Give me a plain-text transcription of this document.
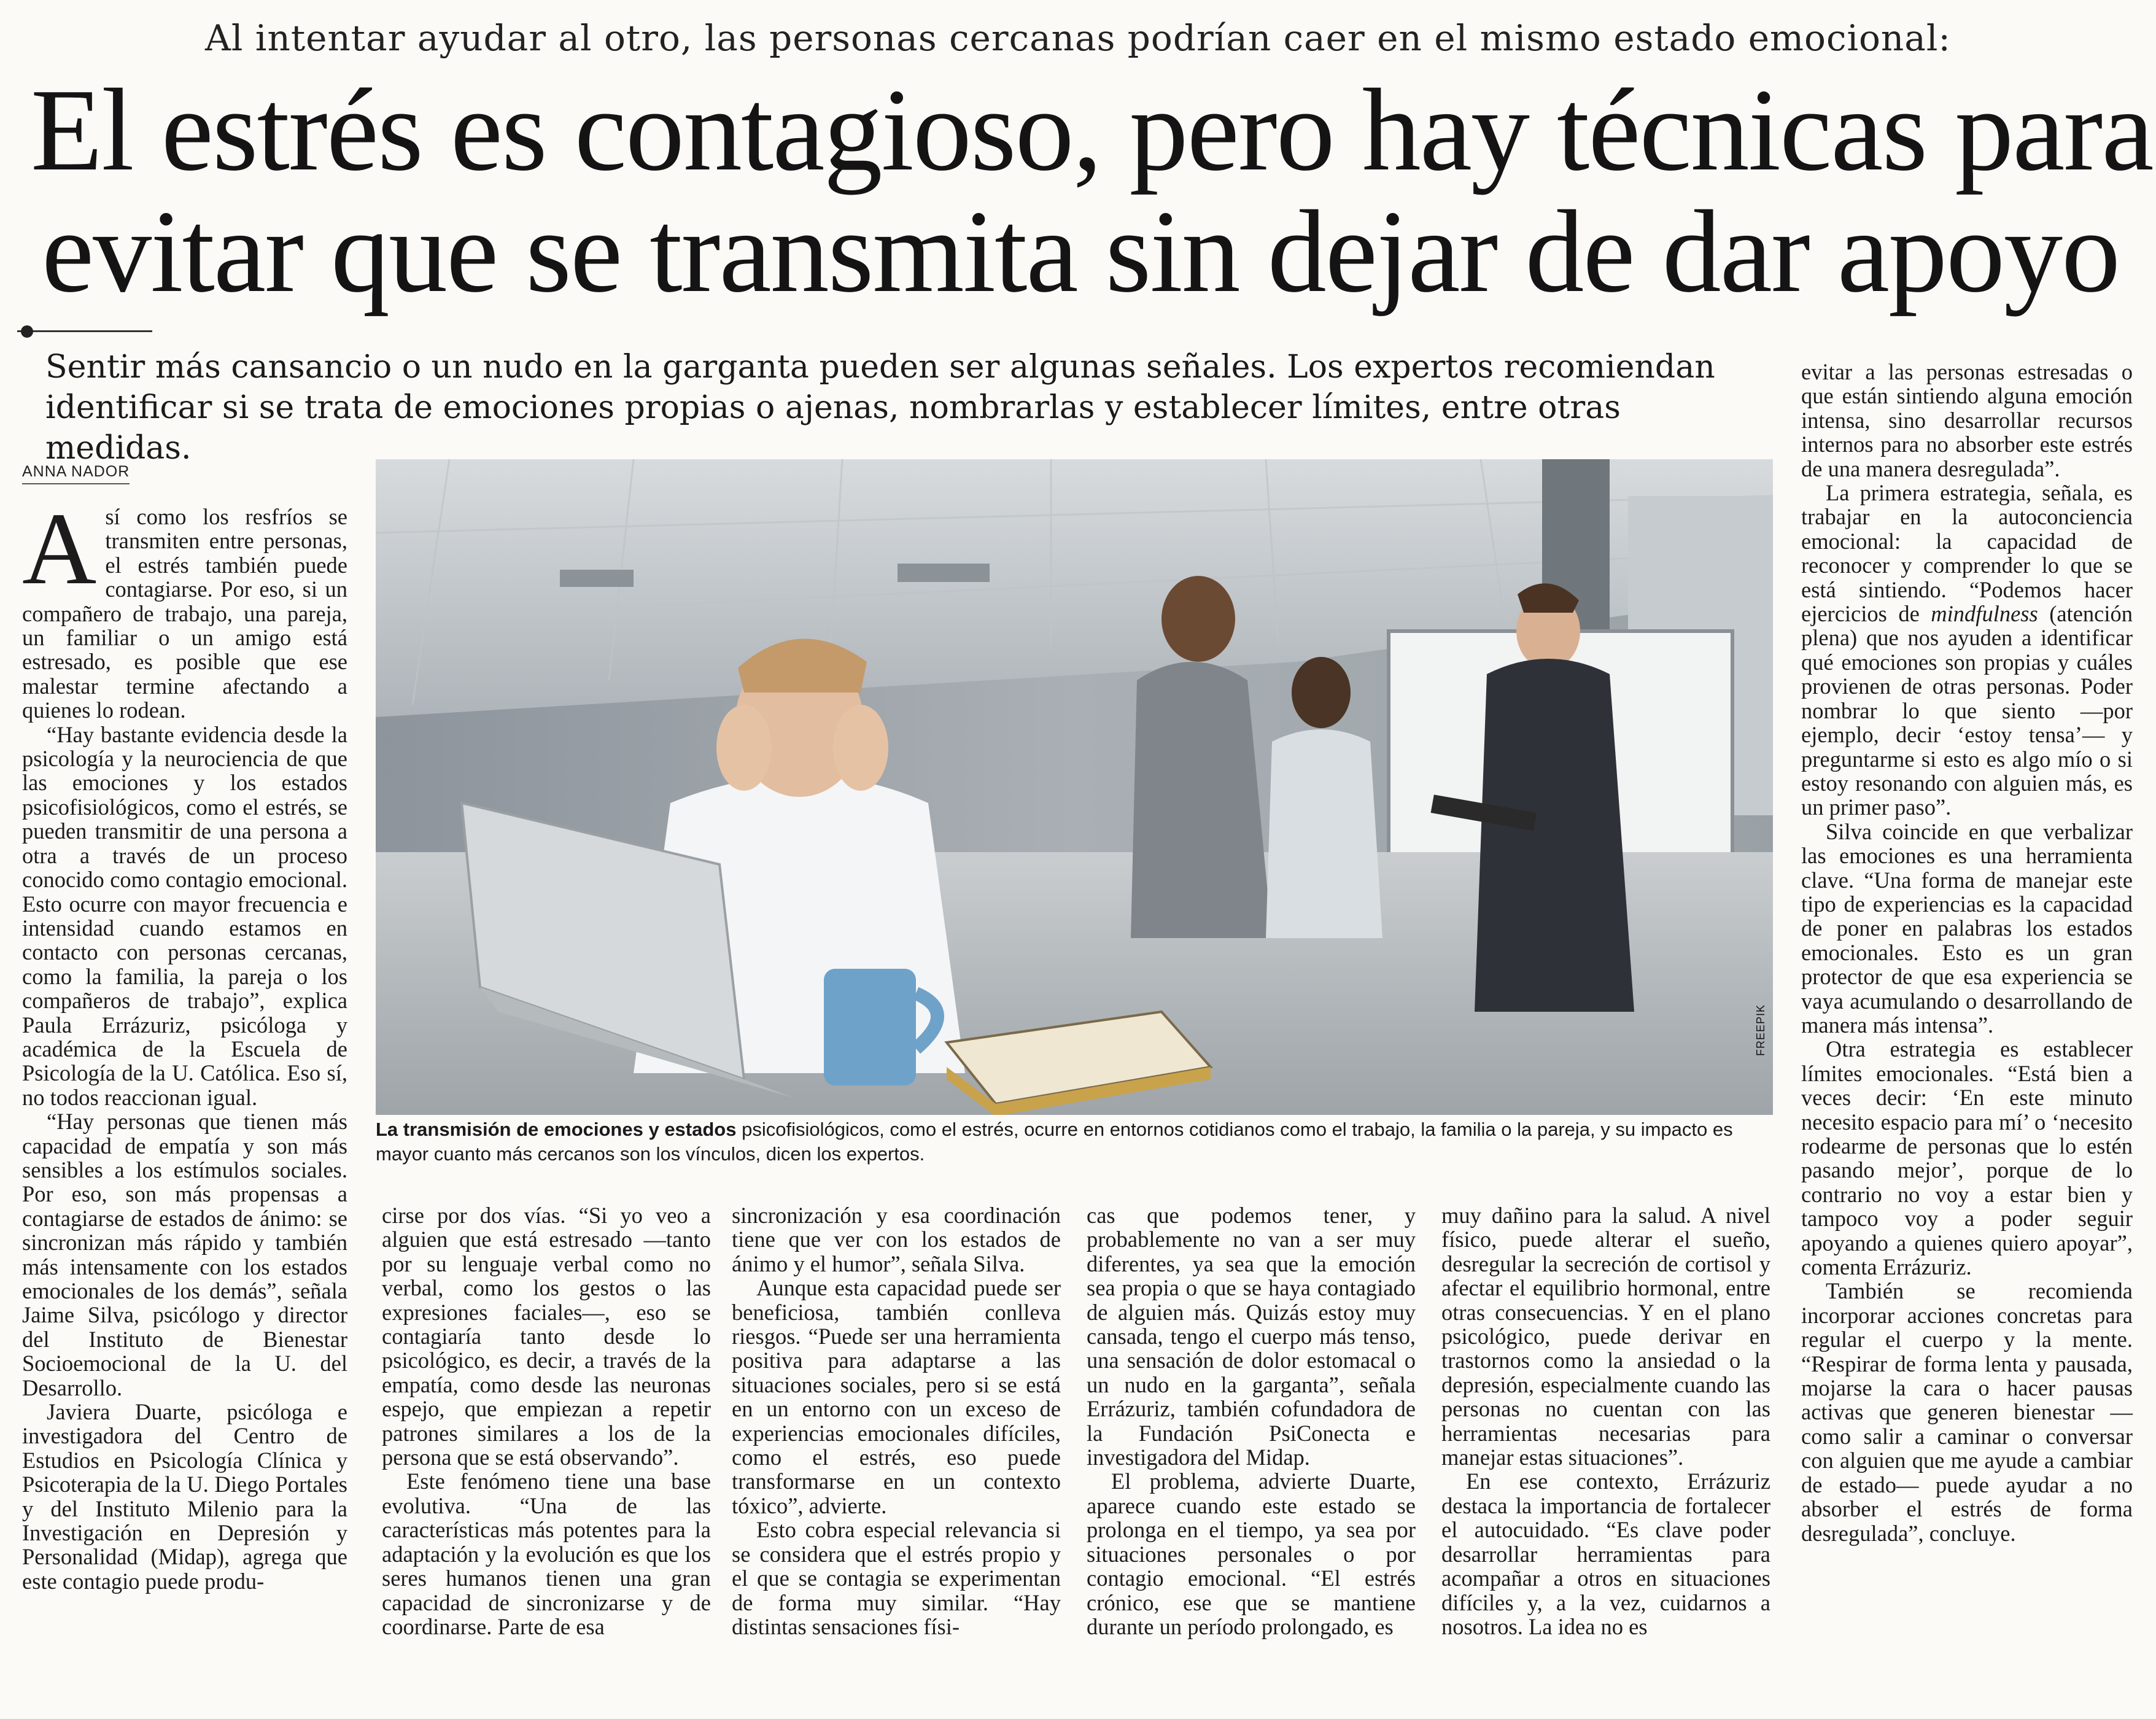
Al intentar ayudar al otro, las personas cercanas podrían caer en el mismo estado emocional:
El estrés es contagioso, pero hay técnicas para
evitar que se transmita sin dejar de dar apoyo
Sentir más cansancio o un nudo en la garganta pueden ser algunas señales. Los expertos recomiendan identificar si se trata de emociones propias o ajenas, nombrarlas y establecer límites, entre otras medidas.
ANNA NADOR

Así como los resfríos se transmiten entre personas, el estrés también puede contagiarse. Por eso, si un compañero de trabajo, una pareja, un familiar o un amigo está estresado, es posible que ese malestar termine afectando a quienes lo rodean.

“Hay bastante evidencia desde la psicología y la neurociencia de que las emociones y los estados psicofisiológicos, como el estrés, se pueden transmitir de una persona a otra a través de un proceso conocido como contagio emocional. Esto ocurre con mayor frecuencia e intensidad cuando estamos en contacto con personas cercanas, como la familia, la pareja o los compañeros de trabajo”, explica Paula Errázuriz, psicóloga y académica de la Escuela de Psicología de la U. Católica. Eso sí, no todos reaccionan igual.

“Hay personas que tienen más capacidad de empatía y son más sensibles a los estímulos sociales. Por eso, son más propensas a contagiarse de estados de ánimo: se sincronizan más rápido y también más intensamente con los estados emocionales de los demás”, señala Jaime Silva, psicólogo y director del Instituto de Bienestar Socioemocional de la U. del Desarrollo.

Javiera Duarte, psicóloga e investigadora del Centro de Estudios en Psicología Clínica y Psicoterapia de la U. Diego Portales y del Instituto Milenio para la Investigación en Depresión y Personalidad (Midap), agrega que este contagio puede produ-

FREEPIK
La transmisión de emociones y estados psicofisiológicos, como el estrés, ocurre en entornos cotidianos como el trabajo, la familia o la pareja, y su impacto es mayor cuanto más cercanos son los vínculos, dicen los expertos.

cirse por dos vías. “Si yo veo a alguien que está estresado —tanto por su lenguaje verbal como no verbal, como los gestos o las expresiones faciales—, eso se contagiaría tanto desde lo psicológico, es decir, a través de la empatía, como desde las neuronas espejo, que empiezan a repetir patrones similares a los de la persona que se está observando”.

Este fenómeno tiene una base evolutiva. “Una de las características más potentes para la adaptación y la evolución es que los seres humanos tienen una gran capacidad de sincronizarse y de coordinarse. Parte de esa

sincronización y esa coordinación tiene que ver con los estados de ánimo y el humor”, señala Silva.

Aunque esta capacidad puede ser beneficiosa, también conlleva riesgos. “Puede ser una herramienta positiva para adaptarse a las situaciones sociales, pero si se está en un entorno con un exceso de experiencias emocionales difíciles, como el estrés, eso puede transformarse en un contexto tóxico”, advierte.

Esto cobra especial relevancia si se considera que el estrés propio y el que se contagia se experimentan de forma muy similar. “Hay distintas sensaciones físi-

cas que podemos tener, y probablemente no van a ser muy diferentes, ya sea que la emoción sea propia o que se haya contagiado de alguien más. Quizás estoy muy cansada, tengo el cuerpo más tenso, una sensación de dolor estomacal o un nudo en la garganta”, señala Errázuriz, también cofundadora de la Fundación PsiConecta e investigadora del Midap.

El problema, advierte Duarte, aparece cuando este estado se prolonga en el tiempo, ya sea por situaciones personales o por contagio emocional. “El estrés crónico, ese que se mantiene durante un período prolongado, es

muy dañino para la salud. A nivel físico, puede alterar el sueño, desregular la secreción de cortisol y afectar el equilibrio hormonal, entre otras consecuencias. Y en el plano psicológico, puede derivar en trastornos como la ansiedad o la depresión, especialmente cuando las personas no cuentan con las herramientas necesarias para manejar estas situaciones”.

En ese contexto, Errázuriz destaca la importancia de fortalecer el autocuidado. “Es clave poder desarrollar herramientas para acompañar a otros en situaciones difíciles y, a la vez, cuidarnos a nosotros. La idea no es

evitar a las personas estresadas o que están sintiendo alguna emoción intensa, sino desarrollar recursos internos para no absorber este estrés de una manera desregulada”.

La primera estrategia, señala, es trabajar en la autoconciencia emocional: la capacidad de reconocer y comprender lo que se está sintiendo. “Podemos hacer ejercicios de mindfulness (atención plena) que nos ayuden a identificar qué emociones son propias y cuáles provienen de otras personas. Poder nombrar lo que siento —por ejemplo, decir ‘estoy tensa’— y preguntarme si esto es algo mío o si estoy resonando con alguien más, es un primer paso”.

Silva coincide en que verbalizar las emociones es una herramienta clave. “Una forma de manejar este tipo de experiencias es la capacidad de poner en palabras los estados emocionales. Esto es un gran protector de que esa experiencia se vaya acumulando o desarrollando de manera más intensa”.

Otra estrategia es establecer límites emocionales. “Está bien a veces decir: ‘En este minuto necesito espacio para mí’ o ‘necesito rodearme de personas que lo estén pasando mejor’, porque de lo contrario no voy a estar bien y tampoco voy a poder seguir apoyando a quienes quiero apoyar”, comenta Errázuriz.

También se recomienda incorporar acciones concretas para regular el cuerpo y la mente. “Respirar de forma lenta y pausada, mojarse la cara o hacer pausas activas que generen bienestar —como salir a caminar o conversar con alguien que me ayude a cambiar de estado— puede ayudar a no absorber el estrés de forma desregulada”, concluye.
